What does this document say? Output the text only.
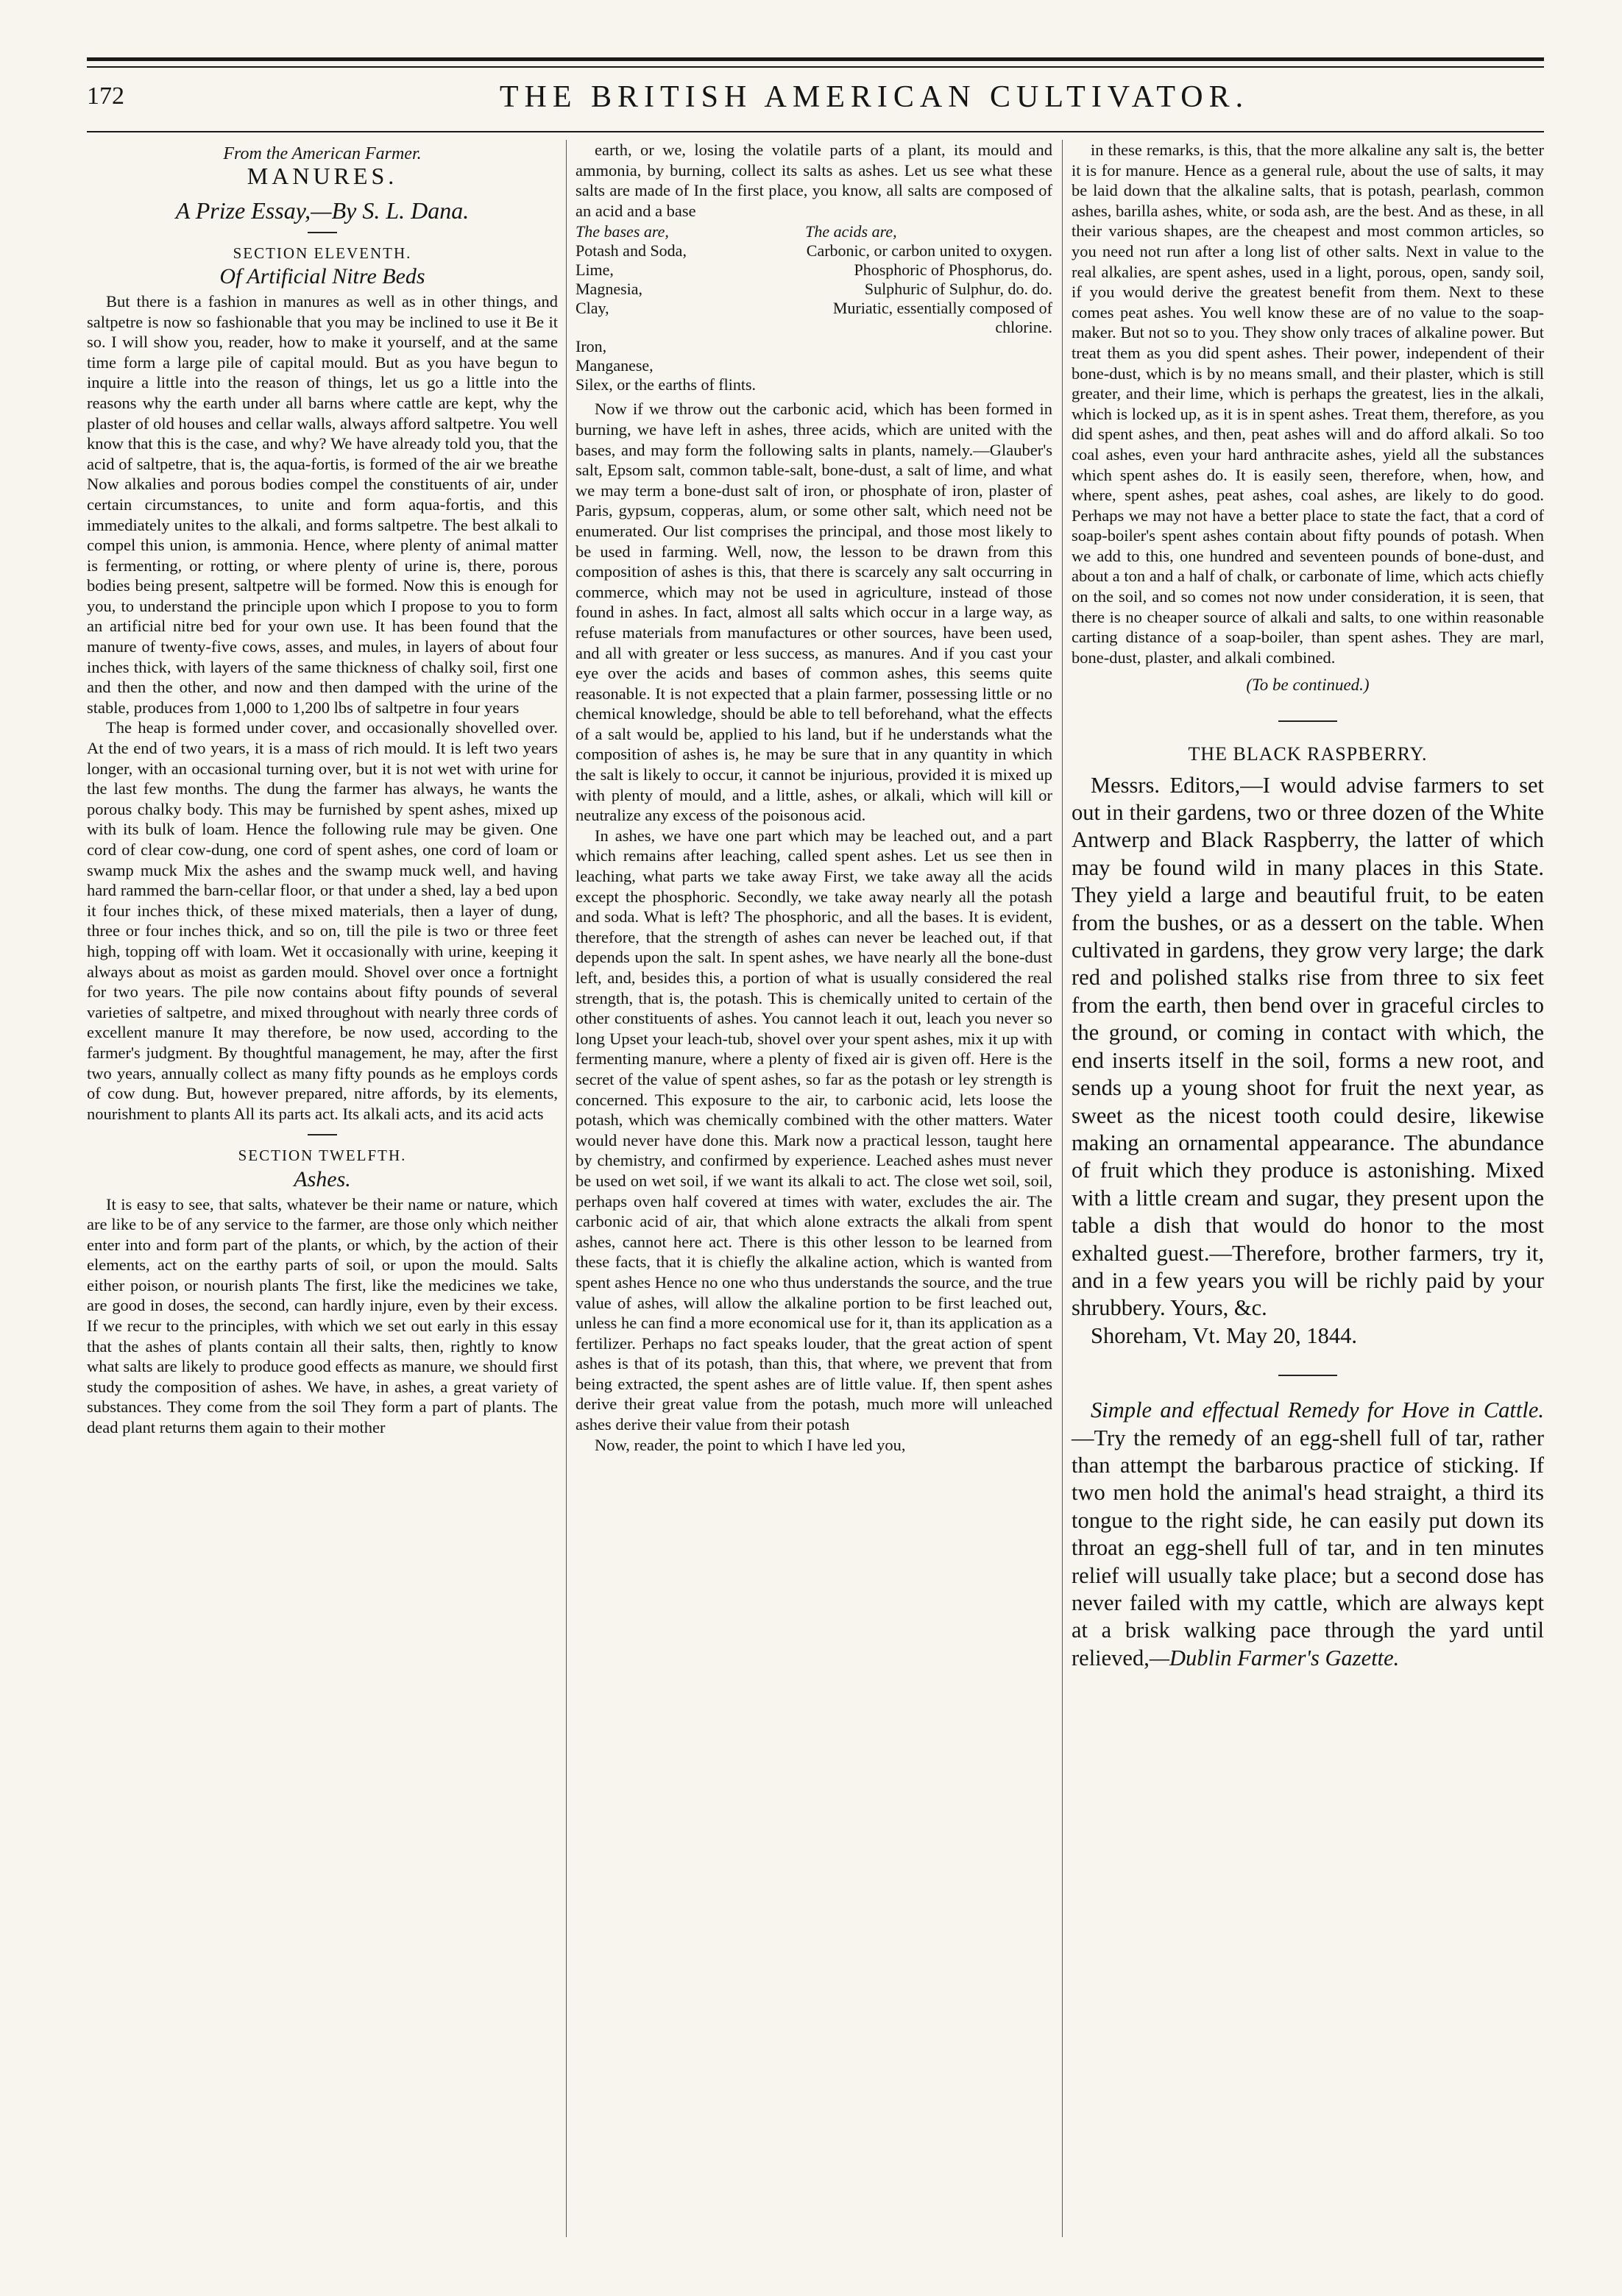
172	THE BRITISH AMERICAN CULTIVATOR.

From the American Farmer.

MANURES.

A Prize Essay,—By S. L. Dana.

SECTION ELEVENTH.

Of Artificial Nitre Beds

But there is a fashion in manures as well as in other things, and saltpetre is now so fashionable that you may be inclined to use it Be it so. I will show you, reader, how to make it yourself, and at the same time form a large pile of capital mould. But as you have begun to inquire a little into the reason of things, let us go a little into the reasons why the earth under all barns where cattle are kept, why the plaster of old houses and cellar walls, always afford saltpetre. You well know that this is the case, and why? We have already told you, that the acid of saltpetre, that is, the aqua-fortis, is formed of the air we breathe Now alkalies and porous bodies compel the constituents of air, under certain circumstances, to unite and form aqua-fortis, and this immediately unites to the alkali, and forms saltpetre. The best alkali to compel this union, is ammonia. Hence, where plenty of animal matter is fermenting, or rotting, or where plenty of urine is, there, porous bodies being present, saltpetre will be formed. Now this is enough for you, to understand the principle upon which I propose to you to form an artificial nitre bed for your own use. It has been found that the manure of twenty-five cows, asses, and mules, in layers of about four inches thick, with layers of the same thickness of chalky soil, first one and then the other, and now and then damped with the urine of the stable, produces from 1,000 to 1,200 lbs of saltpetre in four years

The heap is formed under cover, and occasionally shovelled over. At the end of two years, it is a mass of rich mould. It is left two years longer, with an occasional turning over, but it is not wet with urine for the last few months. The dung the farmer has always, he wants the porous chalky body. This may be furnished by spent ashes, mixed up with its bulk of loam. Hence the following rule may be given. One cord of clear cow-dung, one cord of spent ashes, one cord of loam or swamp muck Mix the ashes and the swamp muck well, and having hard rammed the barn-cellar floor, or that under a shed, lay a bed upon it four inches thick, of these mixed materials, then a layer of dung, three or four inches thick, and so on, till the pile is two or three feet high, topping off with loam. Wet it occasionally with urine, keeping it always about as moist as garden mould. Shovel over once a fortnight for two years. The pile now contains about fifty pounds of several varieties of saltpetre, and mixed throughout with nearly three cords of excellent manure It may therefore, be now used, according to the farmer's judgment. By thoughtful management, he may, after the first two years, annually collect as many fifty pounds as he employs cords of cow dung. But, however prepared, nitre affords, by its elements, nourishment to plants All its parts act. Its alkali acts, and its acid acts

SECTION TWELFTH.

Ashes.

It is easy to see, that salts, whatever be their name or nature, which are like to be of any service to the farmer, are those only which neither enter into and form part of the plants, or which, by the action of their elements, act on the earthy parts of soil, or upon the mould. Salts either poison, or nourish plants The first, like the medicines we take, are good in doses, the second, can hardly injure, even by their excess. If we recur to the principles, with which we set out early in this essay that the ashes of plants contain all their salts, then, rightly to know what salts are likely to produce good effects as manure, we should first study the composition of ashes. We have, in ashes, a great variety of substances. They come from the soil They form a part of plants. The dead plant returns them again to their mother

earth, or we, losing the volatile parts of a plant, its mould and ammonia, by burning, collect its salts as ashes. Let us see what these salts are made of In the first place, you know, all salts are composed of an acid and a base

The bases are,	The acids are,
Potash and Soda,	Carbonic, or carbon united to oxygen.
Lime,	Phosphoric of Phosphorus, do.
Magnesia,	Sulphuric of Sulphur, do. do.
Clay,	Muriatic, essentially composed of chlorine.
Iron,	
Manganese,	
Silex, or the earths of flints.	

Now if we throw out the carbonic acid, which has been formed in burning, we have left in ashes, three acids, which are united with the bases, and may form the following salts in plants, namely.—Glauber's salt, Epsom salt, common table-salt, bone-dust, a salt of lime, and what we may term a bone-dust salt of iron, or phosphate of iron, plaster of Paris, gypsum, copperas, alum, or some other salt, which need not be enumerated. Our list comprises the principal, and those most likely to be used in farming. Well, now, the lesson to be drawn from this composition of ashes is this, that there is scarcely any salt occurring in commerce, which may not be used in agriculture, instead of those found in ashes. In fact, almost all salts which occur in a large way, as refuse materials from manufactures or other sources, have been used, and all with greater or less success, as manures. And if you cast your eye over the acids and bases of common ashes, this seems quite reasonable. It is not expected that a plain farmer, possessing little or no chemical knowledge, should be able to tell beforehand, what the effects of a salt would be, applied to his land, but if he understands what the composition of ashes is, he may be sure that in any quantity in which the salt is likely to occur, it cannot be injurious, provided it is mixed up with plenty of mould, and a little, ashes, or alkali, which will kill or neutralize any excess of the poisonous acid.

In ashes, we have one part which may be leached out, and a part which remains after leaching, called spent ashes. Let us see then in leaching, what parts we take away First, we take away all the acids except the phosphoric. Secondly, we take away nearly all the potash and soda. What is left? The phosphoric, and all the bases. It is evident, therefore, that the strength of ashes can never be leached out, if that depends upon the salt. In spent ashes, we have nearly all the bone-dust left, and, besides this, a portion of what is usually considered the real strength, that is, the potash. This is chemically united to certain of the other constituents of ashes. You cannot leach it out, leach you never so long Upset your leach-tub, shovel over your spent ashes, mix it up with fermenting manure, where a plenty of fixed air is given off. Here is the secret of the value of spent ashes, so far as the potash or ley strength is concerned. This exposure to the air, to carbonic acid, lets loose the potash, which was chemically combined with the other matters. Water would never have done this. Mark now a practical lesson, taught here by chemistry, and confirmed by experience. Leached ashes must never be used on wet soil, if we want its alkali to act. The close wet soil, soil, perhaps oven half covered at times with water, excludes the air. The carbonic acid of air, that which alone extracts the alkali from spent ashes, cannot here act. There is this other lesson to be learned from these facts, that it is chiefly the alkaline action, which is wanted from spent ashes Hence no one who thus understands the source, and the true value of ashes, will allow the alkaline portion to be first leached out, unless he can find a more economical use for it, than its application as a fertilizer. Perhaps no fact speaks louder, that the great action of spent ashes is that of its potash, than this, that where, we prevent that from being extracted, the spent ashes are of little value. If, then spent ashes derive their great value from the potash, much more will unleached ashes derive their value from their potash

Now, reader, the point to which I have led you,

in these remarks, is this, that the more alkaline any salt is, the better it is for manure. Hence as a general rule, about the use of salts, it may be laid down that the alkaline salts, that is potash, pearlash, common ashes, barilla ashes, white, or soda ash, are the best. And as these, in all their various shapes, are the cheapest and most common articles, so you need not run after a long list of other salts. Next in value to the real alkalies, are spent ashes, used in a light, porous, open, sandy soil, if you would derive the greatest benefit from them. Next to these comes peat ashes. You well know these are of no value to the soap-maker. But not so to you. They show only traces of alkaline power. But treat them as you did spent ashes. Their power, independent of their bone-dust, which is by no means small, and their plaster, which is still greater, and their lime, which is perhaps the greatest, lies in the alkali, which is locked up, as it is in spent ashes. Treat them, therefore, as you did spent ashes, and then, peat ashes will and do afford alkali. So too coal ashes, even your hard anthracite ashes, yield all the substances which spent ashes do. It is easily seen, therefore, when, how, and where, spent ashes, peat ashes, coal ashes, are likely to do good. Perhaps we may not have a better place to state the fact, that a cord of soap-boiler's spent ashes contain about fifty pounds of potash. When we add to this, one hundred and seventeen pounds of bone-dust, and about a ton and a half of chalk, or carbonate of lime, which acts chiefly on the soil, and so comes not now under consideration, it is seen, that there is no cheaper source of alkali and salts, to one within reasonable carting distance of a soap-boiler, than spent ashes. They are marl, bone-dust, plaster, and alkali combined.

(To be continued.)

THE BLACK RASPBERRY.

Messrs. Editors,—I would advise farmers to set out in their gardens, two or three dozen of the White Antwerp and Black Raspberry, the latter of which may be found wild in many places in this State. They yield a large and beautiful fruit, to be eaten from the bushes, or as a dessert on the table. When cultivated in gardens, they grow very large; the dark red and polished stalks rise from three to six feet from the earth, then bend over in graceful circles to the ground, or coming in contact with which, the end inserts itself in the soil, forms a new root, and sends up a young shoot for fruit the next year, as sweet as the nicest tooth could desire, likewise making an ornamental appearance. The abundance of fruit which they produce is astonishing. Mixed with a little cream and sugar, they present upon the table a dish that would do honor to the most exhalted guest.—Therefore, brother farmers, try it, and in a few years you will be richly paid by your shrubbery. Yours, &c.

Shoreham, Vt. May 20, 1844.

Simple and effectual Remedy for Hove in Cattle.—Try the remedy of an egg-shell full of tar, rather than attempt the barbarous practice of sticking. If two men hold the animal's head straight, a third its tongue to the right side, he can easily put down its throat an egg-shell full of tar, and in ten minutes relief will usually take place; but a second dose has never failed with my cattle, which are always kept at a brisk walking pace through the yard until relieved,—Dublin Farmer's Gazette.
